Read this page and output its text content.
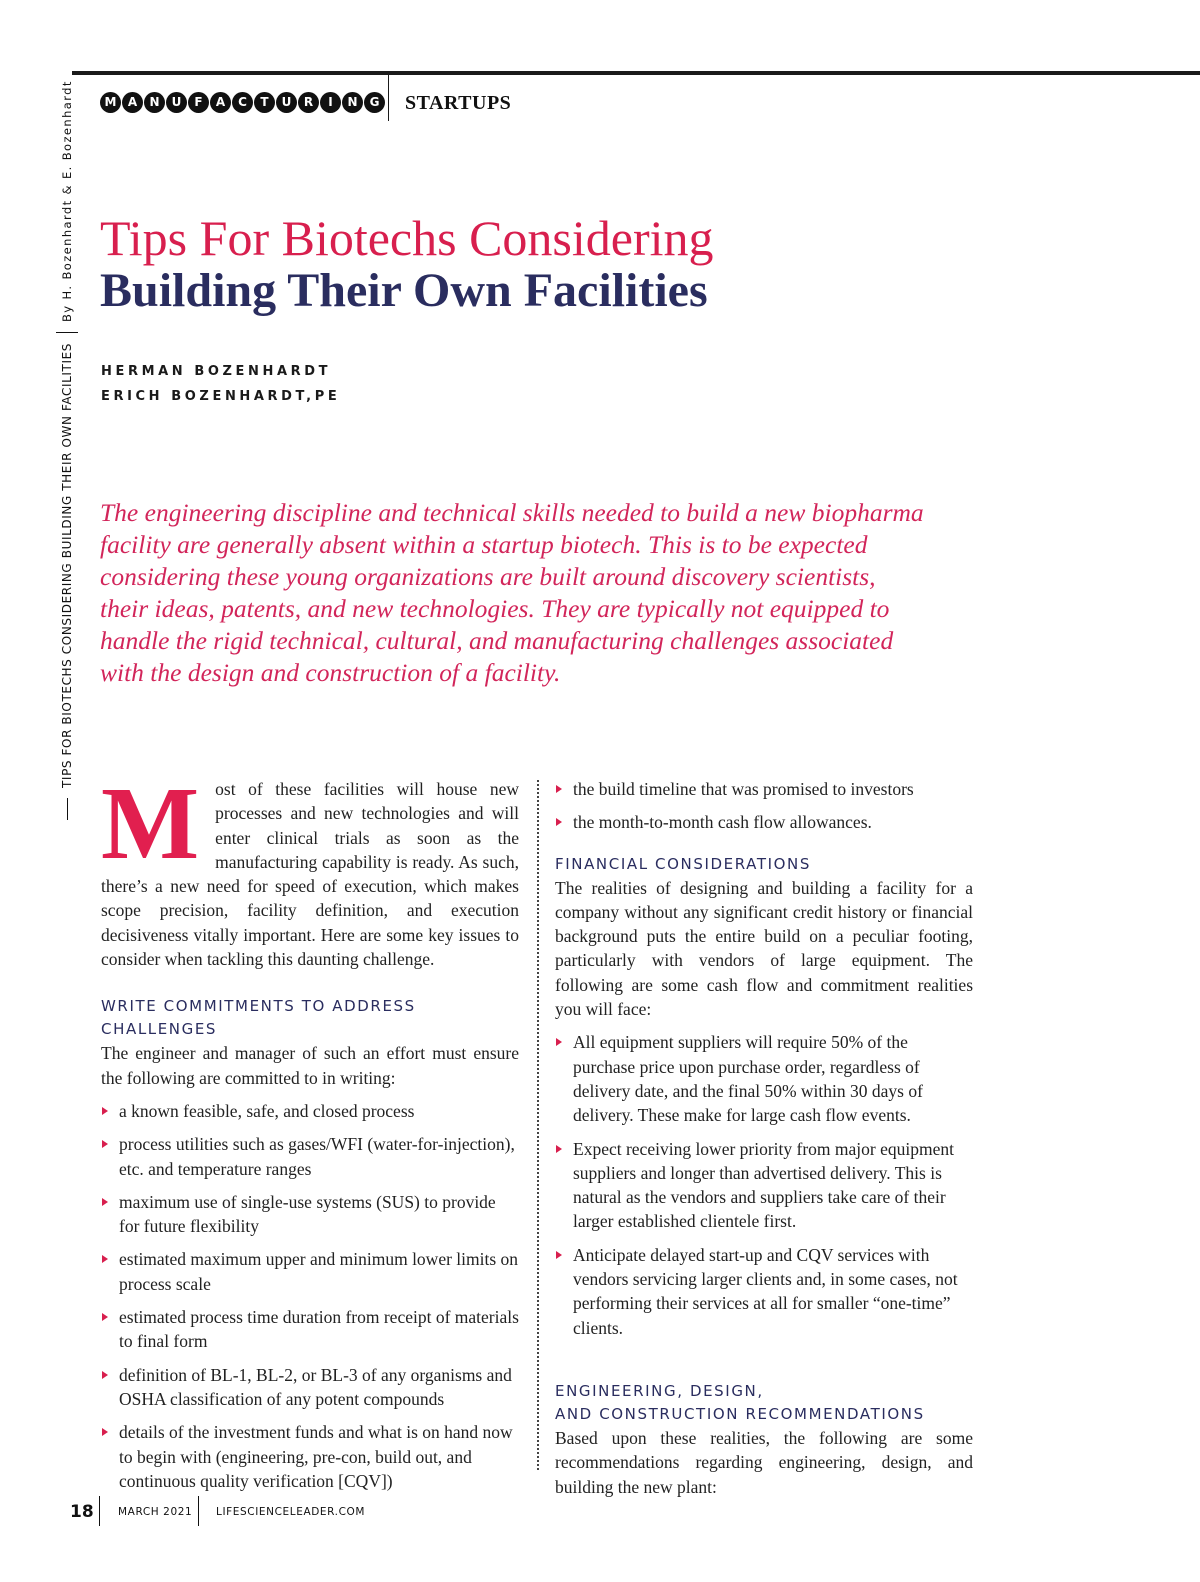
M A	N	U	F	A	C	T	U	R	I	N	G STARTUPS
TIPS FOR BIOTECHS CONSIDERING BUILDING THEIR OWN FACILITIES
By H. Bozenhardt & E. Bozenhardt Tips For Biotechs Considering
Building Their Own Facilities
HERMAN BOZENHARDT
ERICH BOZENHARDT,PE
The engineering discipline and technical skills needed to build a new biopharma
facility are generally absent within a startup biotech. This is to be expected
considering these young organizations are built around discovery scientists,
their ideas, patents, and new technologies. They are typically not equipped to
handle the rigid technical, cultural, and manufacturing challenges associated
with the design and construction of a facility.

Most of these facilities will house new processes and new technologies and will enter clinical trials as soon as the manufacturing capability is ready. As such, there’s a new need for speed of execution, which makes scope precision, facility definition, and execution decisiveness vitally important. Here are some key issues to consider when tackling this daunting challenge.

WRITE COMMITMENTS TO ADDRESS CHALLENGES

The engineer and manager of such an effort must ensure the following are committed to in writing:

a known feasible, safe, and closed process
process utilities such as gases/WFI (water-for-injection), etc. and temperature ranges
maximum use of single-use systems (SUS) to provide for future flexibility
estimated maximum upper and minimum lower limits on process scale
estimated process time duration from receipt of materials to final form
definition of BL-1, BL-2, or BL-3 of any organisms and OSHA classification of any potent compounds
details of the investment funds and what is on hand now to begin with (engineering, pre-con, build out, and continuous quality verification [CQV])
the build timeline that was promised to investors
the month-to-month cash flow allowances.
FINANCIAL CONSIDERATIONS

The realities of designing and building a facility for a company without any significant credit history or financial background puts the entire build on a peculiar footing, particularly with vendors of large equipment. The following are some cash flow and commitment realities you will face:

All equipment suppliers will require 50% of the purchase price upon purchase order, regardless of delivery date, and the final 50% within 30 days of delivery. These make for large cash flow events.
Expect receiving lower priority from major equipment suppliers and longer than advertised delivery. This is natural as the vendors and suppliers take care of their larger established clientele first.
Anticipate delayed start-up and CQV services with vendors servicing larger clients and, in some cases, not performing their services at all for smaller “one-time” clients.
ENGINEERING, DESIGN,
AND CONSTRUCTION RECOMMENDATIONS

Based upon these realities, the following are some recommendations regarding engineering, design, and building the new plant:

18 MARCH 2021 LIFESCIENCELEADER.COM
